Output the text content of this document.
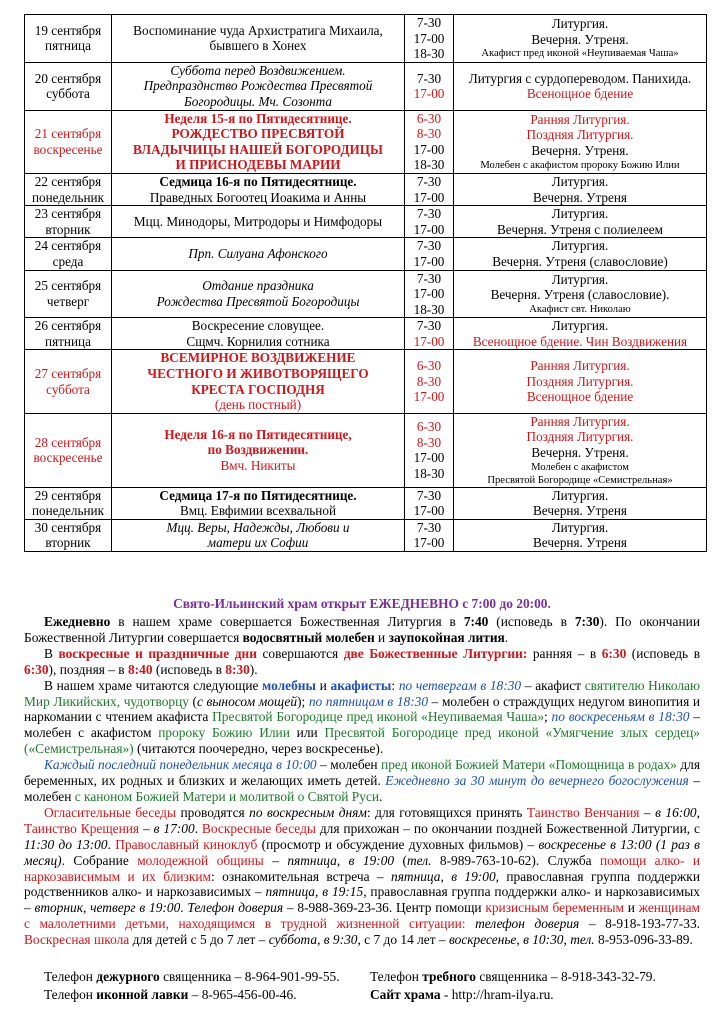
19 сентября
пятница	Воспоминание чуда Архистратига Михаила,
бывшего в Хонех	7-30
17-00
18-30	Литургия.
Вечерня. Утреня.
Акафист пред иконой «Неупиваемая Чаша»

20 сентября
суббота	Суббота перед Воздвижением.
Предпразднство Рождества Пресвятой
Богородицы. Мч. Созонта	7-30
17-00	Литургия с сурдопереводом. Панихида.
Всенощное бдение

21 сентября
воскресенье	Неделя 15-я по Пятидесятнице.
РОЖДЕСТВО ПРЕСВЯТОЙ
ВЛАДЫЧИЦЫ НАШЕЙ БОГОРОДИЦЫ
И ПРИСНОДЕВЫ МАРИИ	6-30
8-30
17-00
18-30	Ранняя Литургия.
Поздняя Литургия.
Вечерня. Утреня.
Молебен с акафистом пророку Божию Илии

22 сентября
понедельник	Седмица 16-я по Пятидесятнице.
Праведных Богоотец Иоакима и Анны	7-30
17-00	Литургия.
Вечерня. Утреня

23 сентября
вторник	Мцц. Минодоры, Митродоры и Нимфодоры	7-30
17-00	Литургия.
Вечерня. Утреня с полиелеем

24 сентября
среда	Прп. Силуана Афонского	7-30
17-00	Литургия.
Вечерня. Утреня (славословие)

25 сентября
четверг	Отдание праздника
Рождества Пресвятой Богородицы	7-30
17-00
18-30	Литургия.
Вечерня. Утреня (славословие).
Акафист свт. Николаю

26 сентября
пятница	Воскресение словущее.
Сщмч. Корнилия сотника	7-30
17-00	Литургия.
Всенощное бдение. Чин Воздвижения

27 сентября
суббота	ВСЕМИРНОЕ ВОЗДВИЖЕНИЕ
ЧЕСТНОГО И ЖИВОТВОРЯЩЕГО
КРЕСТА ГОСПОДНЯ
(день постный)	6-30
8-30
17-00	Ранняя Литургия.
Поздняя Литургия.
Всенощное бдение

28 сентября
воскресенье	Неделя 16-я по Пятидесятнице,
по Воздвижении.
Вмч. Никиты	6-30
8-30
17-00
18-30	Ранняя Литургия.
Поздняя Литургия.
Вечерня. Утреня.
Молебен с акафистом
Пресвятой Богородице «Семистрельная»

29 сентября
понедельник	Седмица 17-я по Пятидесятнице.
Вмц. Евфимии всехвальной	7-30
17-00	Литургия.
Вечерня. Утреня

30 сентября
вторник	Мцц. Веры, Надежды, Любови и
матери их Софии	7-30
17-00	Литургия.
Вечерня. Утреня
Свято-Ильинский храм открыт ЕЖЕДНЕВНО с 7:00 до 20:00.

Ежедневно в нашем храме совершается Божественная Литургия в 7:40 (исповедь в 7:30). По окончании Божественной Литургии совершается водосвятный молебен и заупокойная лития.

В воскресные и праздничные дни совершаются две Божественные Литургии: ранняя – в 6:30 (исповедь в 6:30), поздняя – в 8:40 (исповедь в 8:30).

В нашем храме читаются следующие молебны и акафисты: по четвергам в 18:30 – акафист святителю Николаю Мир Ликийских, чудотворцу (с выносом мощей); по пятницам в 18:30 – молебен о страждущих недугом винопития и наркомании с чтением акафиста Пресвятой Богородице пред иконой «Неупиваемая Чаша»; по воскресеньям в 18:30 – молебен с акафистом пророку Божию Илии или Пресвятой Богородице пред иконой «Умягчение злых сердец» («Семистрельная») (читаются поочередно, через воскресенье).

Каждый последний понедельник месяца в 10:00 – молебен пред иконой Божией Матери «Помощница в родах» для беременных, их родных и близких и желающих иметь детей. Ежедневно за 30 минут до вечернего богослужения – молебен с каноном Божией Матери и молитвой о Святой Руси.

Огласительные беседы проводятся по воскресным дням: для готовящихся принять Таинство Венчания – в 16:00, Таинство Крещения – в 17:00. Воскресные беседы для прихожан – по окончании поздней Божественной Литургии, с 11:30 до 13:00. Православный киноклуб (просмотр и обсуждение духовных фильмов) – воскресенье в 13:00 (1 раз в месяц). Собрание молодежной общины – пятница, в 19:00 (тел. 8-989-763-10-62). Служба помощи алко- и наркозависимым и их близким: ознакомительная встреча – пятница, в 19:00, православная группа поддержки родственников алко- и наркозависимых – пятница, в 19:15, православная группа поддержки алко- и наркозависимых – вторник, четверг в 19:00. Телефон доверия – 8-988-369-23-36. Центр помощи кризисным беременным и женщинам с малолетними детьми, находящимся в трудной жизненной ситуации: телефон доверия – 8-918-193-77-33. Воскресная школа для детей с 5 до 7 лет – суббота, в 9:30, с 7 до 14 лет – воскресенье, в 10:30, тел. 8-953-096-33-89.

Телефон дежурного священника – 8-964-901-99-55.	Телефон требного священника – 8-918-343-32-79.
Телефон иконной лавки – 8-965-456-00-46.	Сайт храма - http://hram-ilya.ru.
